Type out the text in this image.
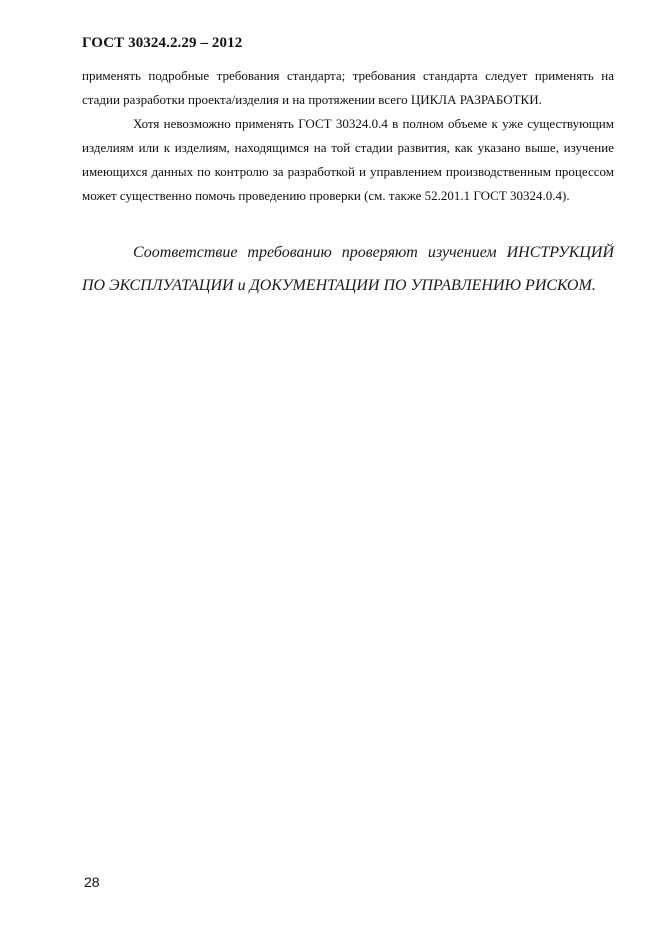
ГОСТ 30324.2.29 – 2012
применять подробные требования стандарта; требования стандарта следует применять на стадии разработки проекта/изделия и на протяжении всего ЦИКЛА РАЗРАБОТКИ.
Хотя невозможно применять ГОСТ 30324.0.4 в полном объеме к уже существующим изделиям или к изделиям, находящимся на той стадии развития, как указано выше, изучение имеющихся данных по контролю за разработкой и управлением производственным процессом может существенно помочь проведению проверки (см. также 52.201.1 ГОСТ 30324.0.4).
Соответствие требованию проверяют изучением ИНСТРУКЦИЙ ПО ЭКСПЛУАТАЦИИ и ДОКУМЕНТАЦИИ ПО УПРАВЛЕНИЮ РИСКОМ.
28
